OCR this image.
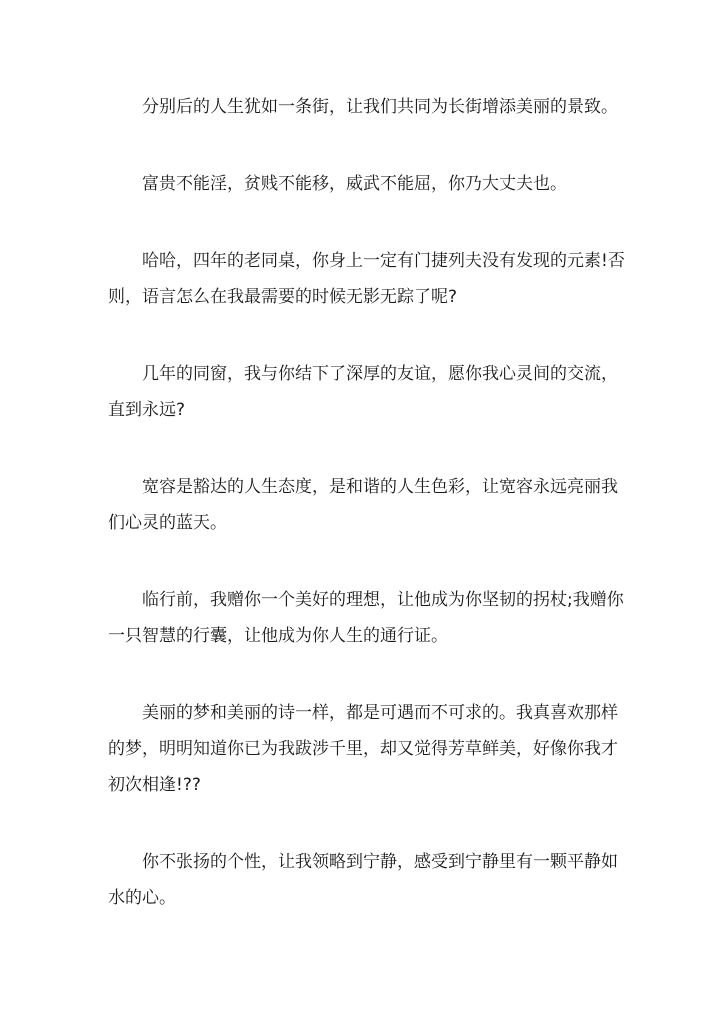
分别后的人生犹如一条街，让我们共同为长街增添美丽的景致。

富贵不能淫，贫贱不能移，威武不能屈，你乃大丈夫也。

哈哈，四年的老同桌，你身上一定有门捷列夫没有发现的元素!否则，语言怎么在我最需要的时候无影无踪了呢?

几年的同窗，我与你结下了深厚的友谊，愿你我心灵间的交流，直到永远?

宽容是豁达的人生态度，是和谐的人生色彩，让宽容永远亮丽我们心灵的蓝天。

临行前，我赠你一个美好的理想，让他成为你坚韧的拐杖;我赠你一只智慧的行囊，让他成为你人生的通行证。

美丽的梦和美丽的诗一样，都是可遇而不可求的。我真喜欢那样的梦，明明知道你已为我跋涉千里，却又觉得芳草鲜美，好像你我才初次相逢!??

你不张扬的个性，让我领略到宁静，感受到宁静里有一颗平静如水的心。
